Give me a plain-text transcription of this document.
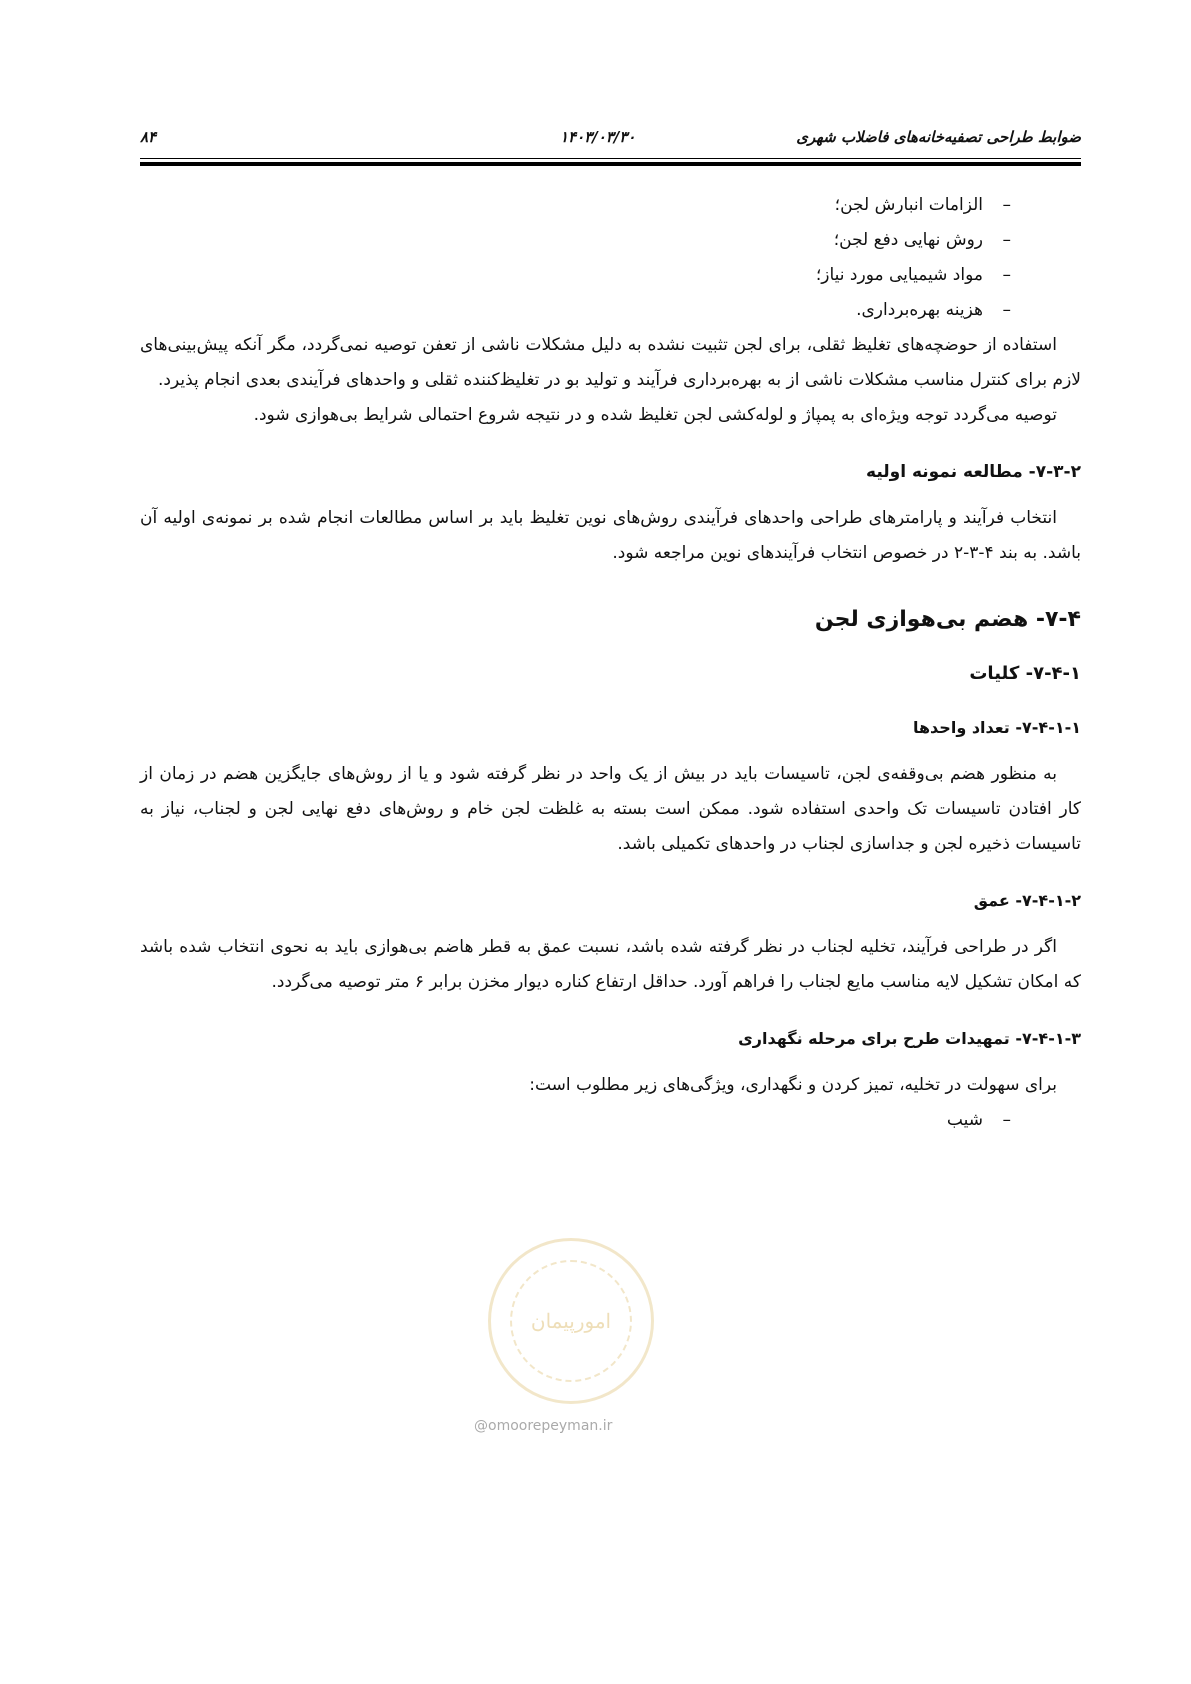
ضوابط طراحی تصفیه‌خانه‌های فاضلاب شهری
۱۴۰۳/۰۳/۳۰
۸۴

–الزامات انبارش لجن؛

–روش نهایی دفع لجن؛

–مواد شیمیایی مورد نیاز؛

–هزینه بهره‌برداری.

استفاده از حوضچه‌های تغلیظ ثقلی، برای لجن تثبیت نشده به دلیل مشکلات ناشی از تعفن توصیه نمی‌گردد، مگر آنکه پیش‌بینی‌های لازم برای کنترل مناسب مشکلات ناشی از به بهره‌برداری فرآیند و تولید بو در تغلیظ‌کننده ثقلی و واحدهای فرآیندی بعدی انجام پذیرد.

توصیه می‌گردد توجه ویژه‌ای به پمپاژ و لوله‌کشی لجن تغلیظ شده و در نتیجه شروع احتمالی شرایط بی‌هوازی شود.

۷-۳-۲- مطالعه نمونه اولیه

انتخاب فرآیند و پارامترهای طراحی واحدهای فرآیندی روش‌های نوین تغلیظ باید بر اساس مطالعات انجام شده بر نمونه‌ی اولیه آن باشد. به بند ۴-۳-۲ در خصوص انتخاب فرآیندهای نوین مراجعه شود.

۷-۴- هضم بی‌هوازی لجن
۷-۴-۱- کلیات
۷-۴-۱-۱- تعداد واحدها

به منظور هضم بی‌وقفه‌ی لجن، تاسیسات باید در بیش از یک واحد در نظر گرفته شود و یا از روش‌های جایگزین هضم در زمان از کار افتادن تاسیسات تک واحدی استفاده شود. ممکن است بسته به غلظت لجن خام و روش‌های دفع نهایی لجن و لجناب، نیاز به تاسیسات ذخیره لجن و جداسازی لجناب در واحدهای تکمیلی باشد.

۷-۴-۱-۲- عمق

اگر در طراحی فرآیند، تخلیه لجناب در نظر گرفته شده باشد، نسبت عمق به قطر هاضم بی‌هوازی باید به نحوی انتخاب شده باشد که امکان تشکیل لایه مناسب مایع لجناب را فراهم آورد. حداقل ارتفاع کناره دیوار مخزن برابر ۶ متر توصیه می‌گردد.

۷-۴-۱-۳- تمهیدات طرح برای مرحله نگهداری

برای سهولت در تخلیه، تمیز کردن و نگهداری، ویژگی‌های زیر مطلوب است:

–شیب

امورپیمان
@omoorepeyman.ir
